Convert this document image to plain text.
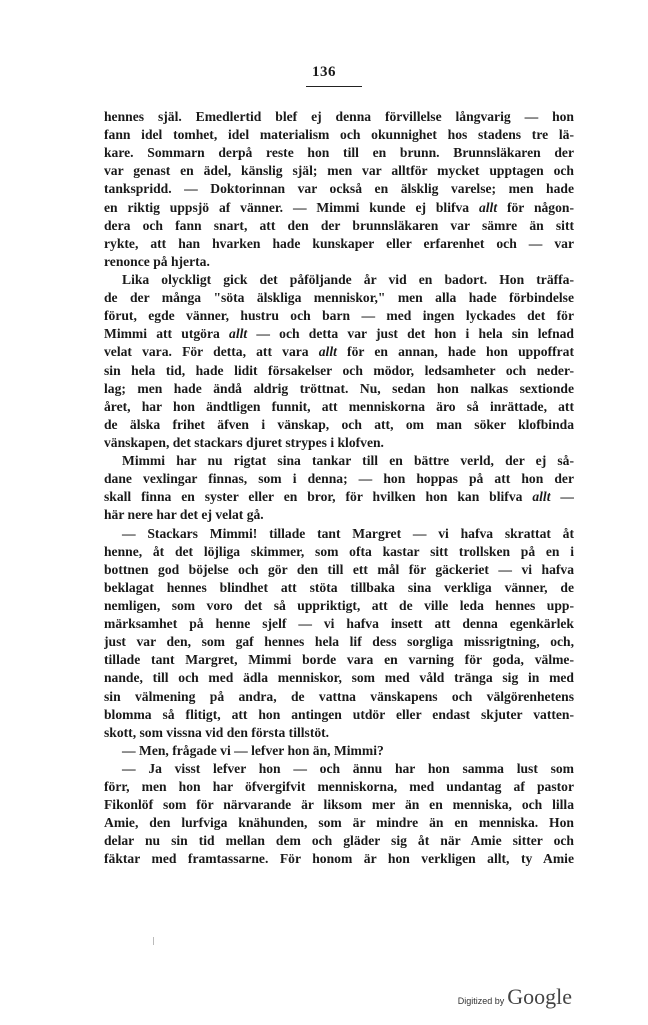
136
hennes själ. Emedlertid blef ej denna förvillelse långvarig — hon
fann idel tomhet, idel materialism och okunnighet hos stadens tre lä-
kare. Sommarn derpå reste hon till en brunn. Brunnsläkaren der
var genast en ädel, känslig själ; men var alltför mycket upptagen och
tankspridd. — Doktorinnan var också en älsklig varelse; men hade
en riktig uppsjö af vänner. — Mimmi kunde ej blifva allt för någon-
dera och fann snart, att den der brunnsläkaren var sämre än sitt
rykte, att han hvarken hade kunskaper eller erfarenhet och — var
renonce på hjerta.
Lika olyckligt gick det påföljande år vid en badort. Hon träffa-
de der många "söta älskliga menniskor," men alla hade förbindelse
förut, egde vänner, hustru och barn — med ingen lyckades det för
Mimmi att utgöra allt — och detta var just det hon i hela sin lefnad
velat vara. För detta, att vara allt för en annan, hade hon uppoffrat
sin hela tid, hade lidit försakelser och mödor, ledsamheter och neder-
lag; men hade ändå aldrig tröttnat. Nu, sedan hon nalkas sextionde
året, har hon ändtligen funnit, att menniskorna äro så inrättade, att
de älska frihet äfven i vänskap, och att, om man söker klofbinda
vänskapen, det stackars djuret strypes i klofven.
Mimmi har nu rigtat sina tankar till en bättre verld, der ej så-
dane vexlingar finnas, som i denna; — hon hoppas på att hon der
skall finna en syster eller en bror, för hvilken hon kan blifva allt —
här nere har det ej velat gå.
— Stackars Mimmi! tillade tant Margret — vi hafva skrattat åt
henne, åt det löjliga skimmer, som ofta kastar sitt trollsken på en i
bottnen god böjelse och gör den till ett mål för gäckeriet — vi hafva
beklagat hennes blindhet att stöta tillbaka sina verkliga vänner, de
nemligen, som voro det så uppriktigt, att de ville leda hennes upp-
märksamhet på henne sjelf — vi hafva insett att denna egenkärlek
just var den, som gaf hennes hela lif dess sorgliga missrigtning, och,
tillade tant Margret, Mimmi borde vara en varning för goda, välme-
nande, till och med ädla menniskor, som med våld tränga sig in med
sin välmening på andra, de vattna vänskapens och välgörenhetens
blomma så flitigt, att hon antingen utdör eller endast skjuter vatten-
skott, som vissna vid den första tillstöt.
— Men, frågade vi — lefver hon än, Mimmi?
— Ja visst lefver hon — och ännu har hon samma lust som
förr, men hon har öfvergifvit menniskorna, med undantag af pastor
Fikonlöf som för närvarande är liksom mer än en menniska, och lilla
Amie, den lurfviga knähunden, som är mindre än en menniska. Hon
delar nu sin tid mellan dem och gläder sig åt när Amie sitter och
fäktar med framtassarne. För honom är hon verkligen allt, ty Amie
Digitized by Google
